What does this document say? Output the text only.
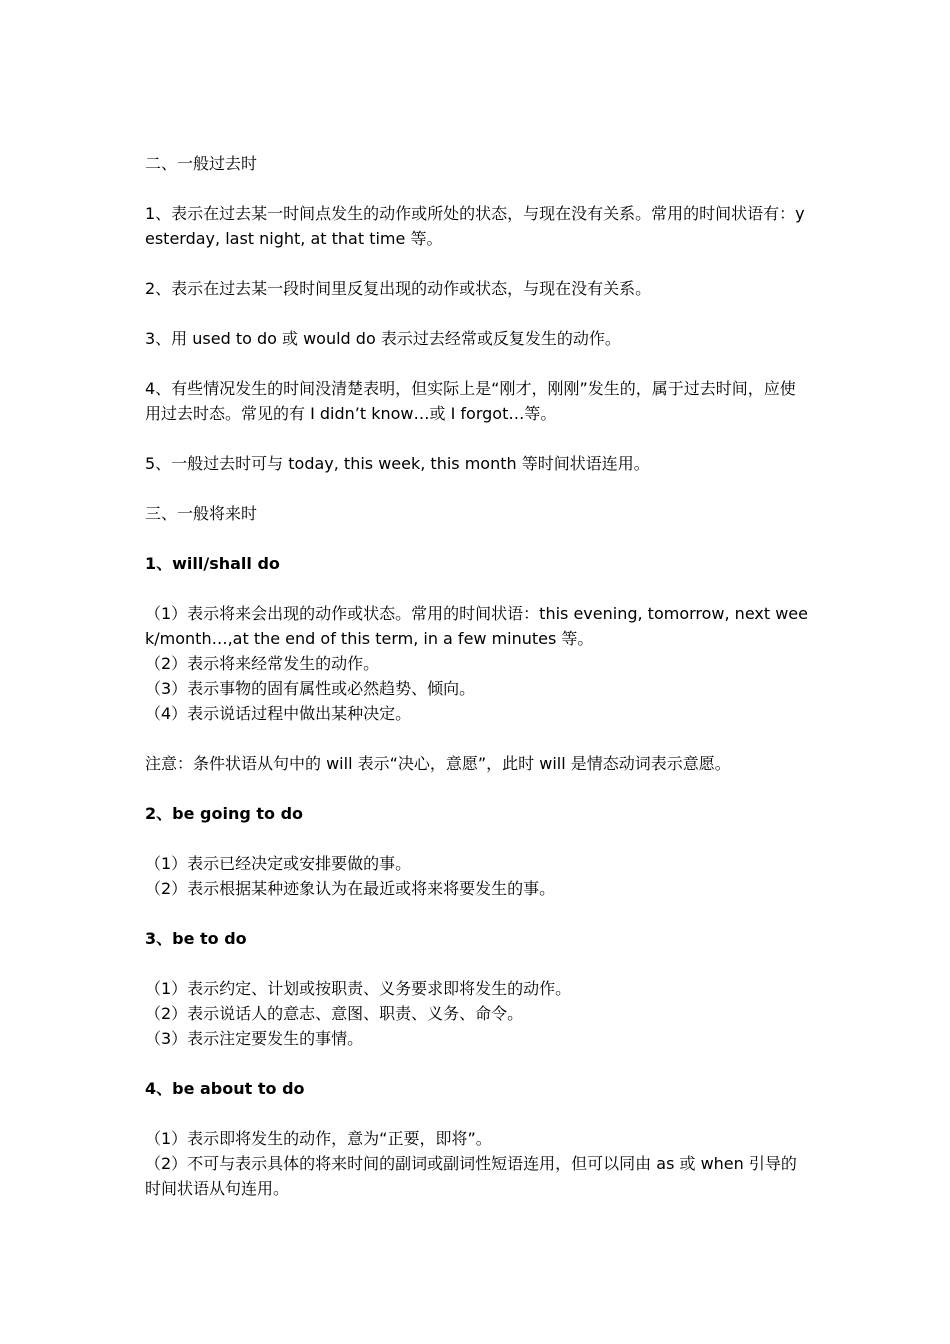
二、一般过去时

1、表示在过去某一时间点发生的动作或所处的状态，与现在没有关系。常用的时间状语有：yesterday, last night, at that time 等。

2、表示在过去某一段时间里反复出现的动作或状态，与现在没有关系。

3、用 used to do 或 would do 表示过去经常或反复发生的动作。

4、有些情况发生的时间没清楚表明，但实际上是“刚才，刚刚”发生的，属于过去时间，应使用过去时态。常见的有 I didn’t know…或 I forgot…等。

5、一般过去时可与 today, this week, this month 等时间状语连用。

三、一般将来时

1、will/shall do

（1）表示将来会出现的动作或状态。常用的时间状语：this evening, tomorrow, next week/month…,at the end of this term, in a few minutes 等。

（2）表示将来经常发生的动作。

（3）表示事物的固有属性或必然趋势、倾向。

（4）表示说话过程中做出某种决定。

注意：条件状语从句中的 will 表示“决心，意愿”，此时 will 是情态动词表示意愿。

2、be going to do

（1）表示已经决定或安排要做的事。

（2）表示根据某种迹象认为在最近或将来将要发生的事。

3、be to do

（1）表示约定、计划或按职责、义务要求即将发生的动作。

（2）表示说话人的意志、意图、职责、义务、命令。

（3）表示注定要发生的事情。

4、be about to do

（1）表示即将发生的动作，意为“正要，即将”。

（2）不可与表示具体的将来时间的副词或副词性短语连用，但可以同由 as 或 when 引导的时间状语从句连用。
